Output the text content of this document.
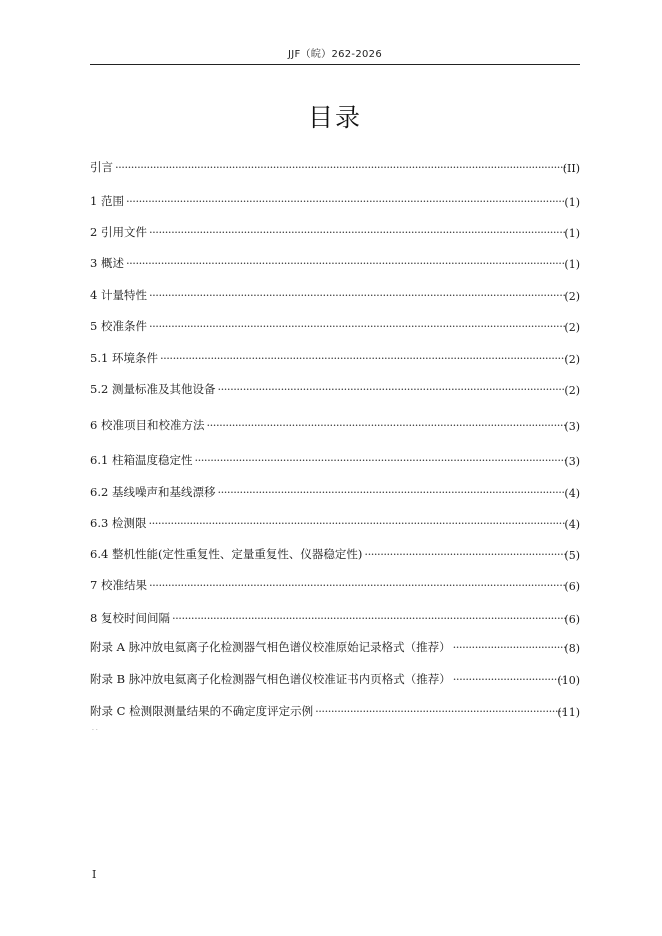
JJF（皖）262-2026
目录
引言 ·····	(II)
1 范围 ·····	(1)
2 引用文件 ·····	(1)
3 概述 ·····	(1)
4 计量特性 ·····	(2)
5 校准条件 ·····	(2)
5.1 环境条件 ·····	(2)
5.2 测量标准及其他设备 ·····	(2)
6 校准项目和校准方法 ·····	(3)
6.1 柱箱温度稳定性 ·····	(3)
6.2 基线噪声和基线漂移 ·····	(4)
6.3 检测限 ·····	(4)
6.4 整机性能(定性重复性、定量重复性、仪器稳定性) ·····	(5)
7 校准结果 ·····	(6)
8 复校时间间隔 ·····	(6)
附录 A 脉冲放电氦离子化检测器气相色谱仪校准原始记录格式（推荐） ·····	(8)
附录 B 脉冲放电氦离子化检测器气相色谱仪校准证书内页格式（推荐） ·····	(10)
附录 C 检测限测量结果的不确定度评定示例 ·····	(11)
· ·
I
